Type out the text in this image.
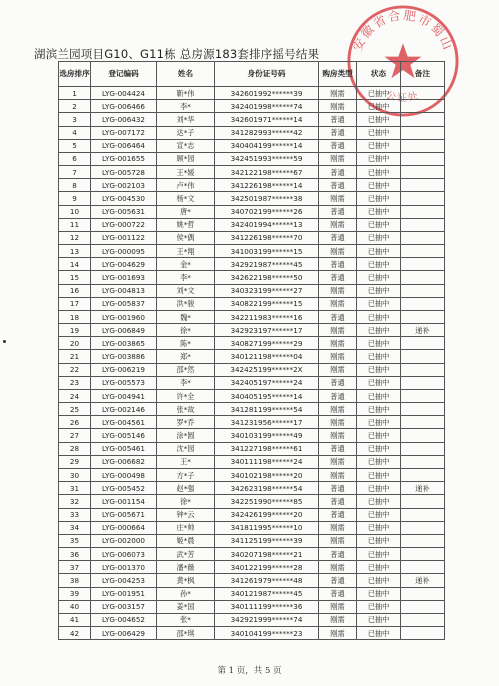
湖滨兰园项目G10、G11栋 总房源183套排序摇号结果
安徽省合肥市蜀山
公证处
选房排序	登记编码	姓名	身份证号码	购房类型	状态	备注
1	LYG-004424	靳*伟	342601992******39	刚需	已抽中	
2	LYG-006466	李*	342401998******74	刚需	已抽中	
3	LYG-006432	刘*华	342601971******14	普通	已抽中	
4	LYG-007172	达*子	341282993******42	普通	已抽中	
5	LYG-006464	宣*志	340404199******14	普通	已抽中	
6	LYG-001655	顾*园	342451993******59	刚需	已抽中	
7	LYG-005728	王*媛	342122198******67	普通	已抽中	
8	LYG-002103	卢*伟	341226198******14	普通	已抽中	
9	LYG-004530	杨*文	342501987******38	刚需	已抽中	
10	LYG-005631	唐*	340702199******26	普通	已抽中	
11	LYG-000722	姚*哲	342401994******13	刚需	已抽中	
12	LYG-001122	侯*偶	341226198******70	普通	已抽中	
13	LYG-000095	王*翔	341003199******15	刚需	已抽中	
14	LYG-004629	金*	342921987******45	普通	已抽中	
15	LYG-001693	李*	342622198******50	普通	已抽中	
16	LYG-004813	刘*文	340323199******27	刚需	已抽中	
17	LYG-005837	洪*骏	340822199******15	刚需	已抽中	
18	LYG-001960	魏*	342211983******16	普通	已抽中	
19	LYG-006849	徐*	342923197******17	刚需	已抽中	递补
20	LYG-003865	陈*	340827199******29	刚需	已抽中	
21	LYG-003886	郑*	340121198******04	刚需	已抽中	
22	LYG-006219	邵*然	342425199******2X	刚需	已抽中	
23	LYG-005573	李*	342405197******24	普通	已抽中	
24	LYG-004941	许*全	340405195******14	普通	已抽中	
25	LYG-002146	张*故	341281199******54	刚需	已抽中	
26	LYG-004561	罗*乔	341231956******17	刚需	已抽中	
27	LYG-005146	涂*圆	340103199******49	刚需	已抽中	
28	LYG-005461	沈*园	341227198******61	普通	已抽中	
29	LYG-006682	王*	340111198******24	刚需	已抽中	
30	LYG-000498	方*子	340102198******20	刚需	已抽中	
31	LYG-005452	赵*强	342623198******54	普通	已抽中	递补
32	LYG-001154	徐*	342251990******85	普通	已抽中	
33	LYG-005671	钟*云	342426199******20	普通	已抽中	
34	LYG-000664	庄*帅	341811995******10	刚需	已抽中	
35	LYG-002000	姬*晨	341125199******39	刚需	已抽中	
36	LYG-006073	武*芳	340207198******21	普通	已抽中	
37	LYG-001370	潘*薇	340122199******28	刚需	已抽中	
38	LYG-004253	黄*枫	341261979******48	普通	已抽中	递补
39	LYG-001951	孙*	340121987******45	普通	已抽中	
40	LYG-003157	姜*国	340111199******36	刚需	已抽中	
41	LYG-004652	张*	342921999******74	刚需	已抽中	
42	LYG-006429	邵*琪	340104199******23	刚需	已抽中	
第 1 页，共 5 页
